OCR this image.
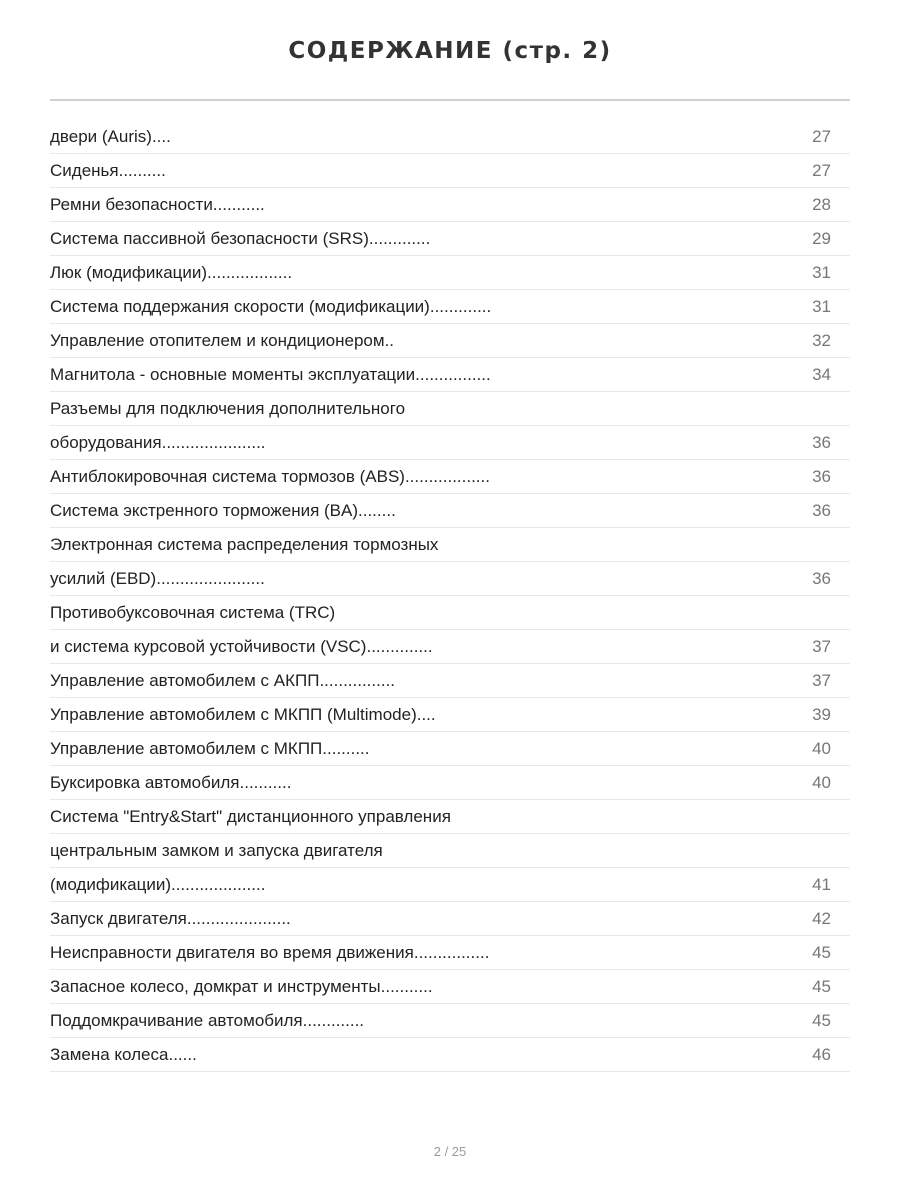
СОДЕРЖАНИЕ (стр. 2)
двери (Auris)....	27
Сиденья..........	27
Ремни безопасности...........	28
Система пассивной безопасности (SRS).............	29
Люк (модификации)..................	31
Система поддержания скорости (модификации).............	31
Управление отопителем и кондиционером..	32
Магнитола - основные моменты эксплуатации................	34
Разъемы для подключения дополнительного
оборудования......................	36
Антиблокировочная система тормозов (ABS)..................	36
Система экстренного торможения (BA)........	36
Электронная система распределения тормозных
усилий (EBD).......................	36
Противобуксовочная система (TRC)
и система курсовой устойчивости (VSC)..............	37
Управление автомобилем с АКПП................	37
Управление автомобилем с МКПП (Multimode)....	39
Управление автомобилем с МКПП..........	40
Буксировка автомобиля...........	40
Система "Entry&Start" дистанционного управления
центральным замком и запуска двигателя
(модификации)....................	41
Запуск двигателя......................	42
Неисправности двигателя во время движения................	45
Запасное колесо, домкрат и инструменты...........	45
Поддомкрачивание автомобиля.............	45
Замена колеса......	46
2 / 25
